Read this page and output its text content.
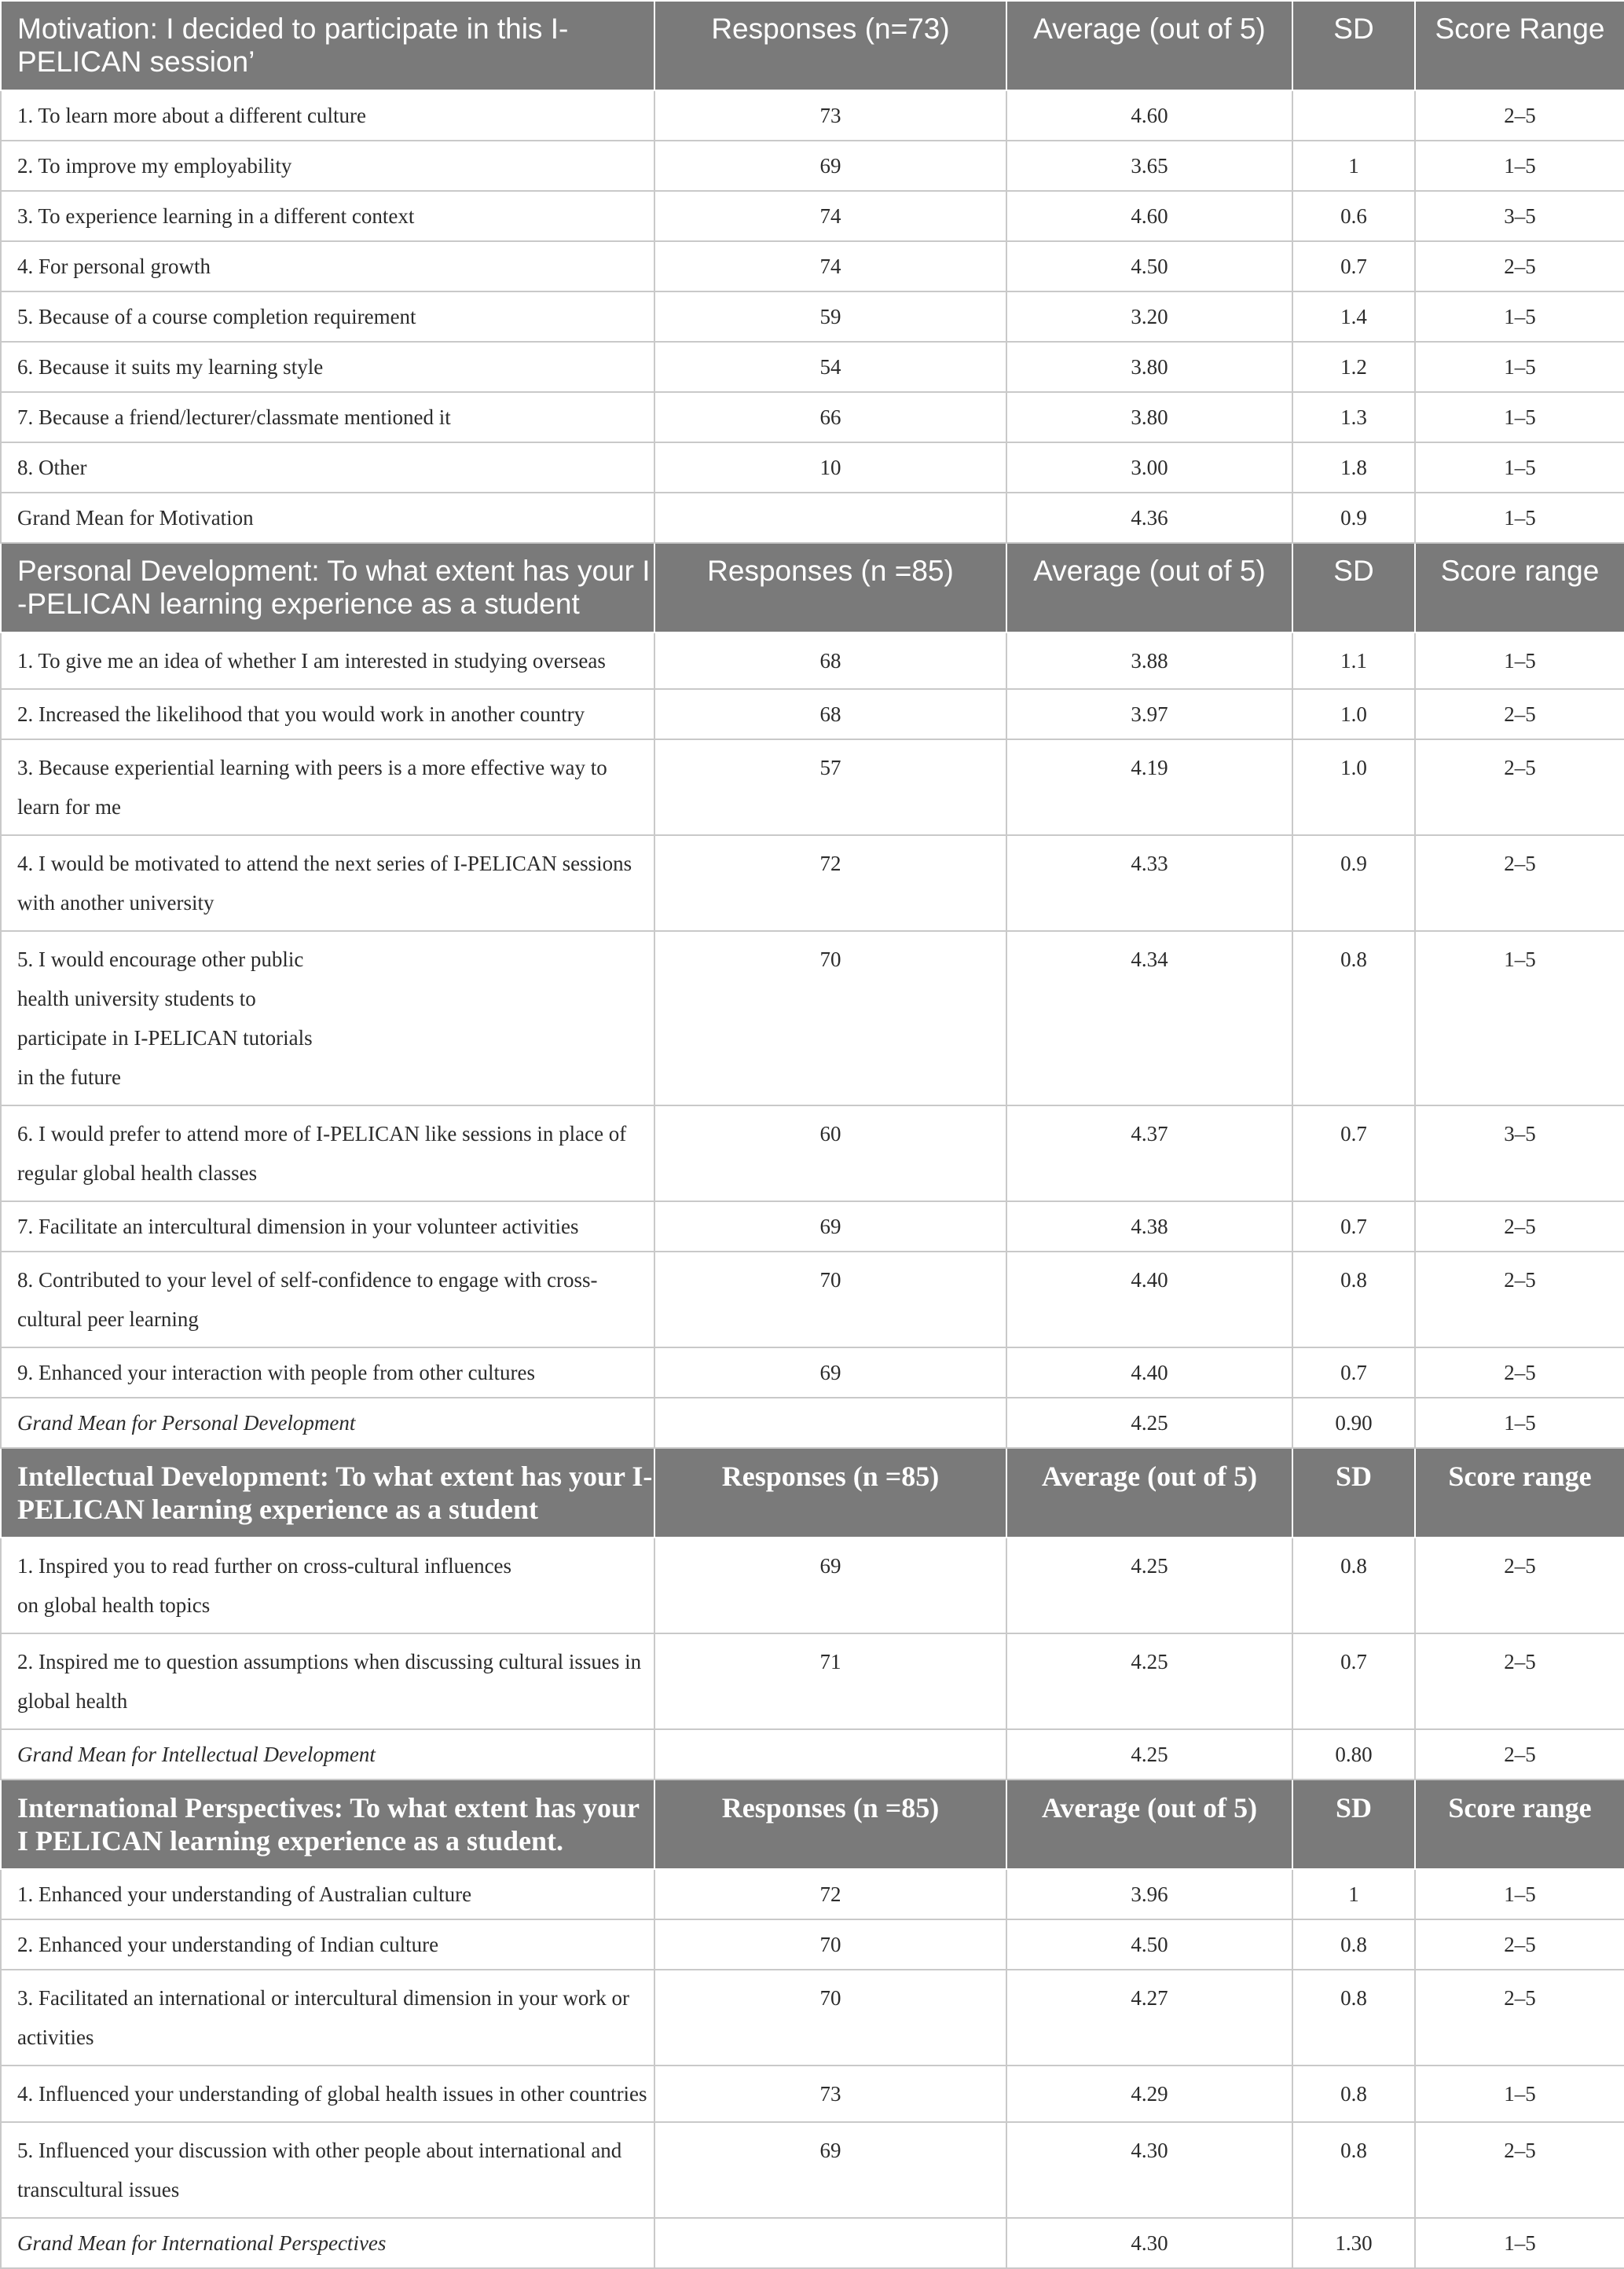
Motivation: I decided to participate in this I-PELICAN session’	Responses (n=73)	Average (out of 5)	SD	Score Range
1. To learn more about a different culture	73	4.60		2–5
2. To improve my employability	69	3.65	1	1–5
3. To experience learning in a different context	74	4.60	0.6	3–5
4. For personal growth	74	4.50	0.7	2–5
5. Because of a course completion requirement	59	3.20	1.4	1–5
6. Because it suits my learning style	54	3.80	1.2	1–5
7. Because a friend/lecturer/classmate mentioned it	66	3.80	1.3	1–5
8. Other	10	3.00	1.8	1–5
Grand Mean for Motivation		4.36	0.9	1–5
Personal Development: To what extent has your I -PELICAN learning experience as a student	Responses (n =85)	Average (out of 5)	SD	Score range
1. To give me an idea of whether I am interested in studying overseas	68	3.88	1.1	1–5
2. Increased the likelihood that you would work in another country	68	3.97	1.0	2–5
3. Because experiential learning with peers is a more effective way to learn for me	57	4.19	1.0	2–5
4. I would be motivated to attend the next series of I-PELICAN sessions with another university	72	4.33	0.9	2–5
5. I would encourage other public health university students to participate in I-PELICAN tutorials in the future	70	4.34	0.8	1–5
6. I would prefer to attend more of I-PELICAN like sessions in place of regular global health classes	60	4.37	0.7	3–5
7. Facilitate an intercultural dimension in your volunteer activities	69	4.38	0.7	2–5
8. Contributed to your level of self-confidence to engage with cross-cultural peer learning	70	4.40	0.8	2–5
9. Enhanced your interaction with people from other cultures	69	4.40	0.7	2–5
Grand Mean for Personal Development		4.25	0.90	1–5
Intellectual Development: To what extent has your I-PELICAN learning experience as a student	Responses (n =85)	Average (out of 5)	SD	Score range
1. Inspired you to read further on cross-cultural influences on global health topics	69	4.25	0.8	2–5
2. Inspired me to question assumptions when discussing cultural issues in global health	71	4.25	0.7	2–5
Grand Mean for Intellectual Development		4.25	0.80	2–5
International Perspectives: To what extent has your I PELICAN learning experience as a student.	Responses (n =85)	Average (out of 5)	SD	Score range
1. Enhanced your understanding of Australian culture	72	3.96	1	1–5
2. Enhanced your understanding of Indian culture	70	4.50	0.8	2–5
3. Facilitated an international or intercultural dimension in your work or activities	70	4.27	0.8	2–5
4. Influenced your understanding of global health issues in other countries	73	4.29	0.8	1–5
5. Influenced your discussion with other people about international and transcultural issues	69	4.30	0.8	2–5
Grand Mean for International Perspectives		4.30	1.30	1–5
